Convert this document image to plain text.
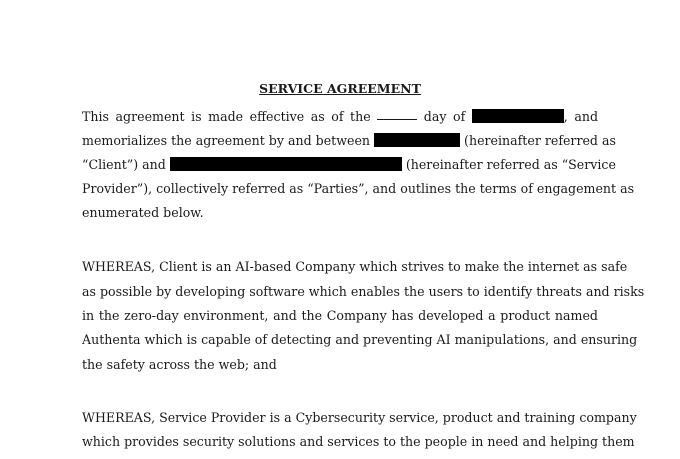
SERVICE AGREEMENT
This agreement is made effective as of the	day of	, and
memorializes the agreement by and between	(hereinafter referred as
“Client”) and	(hereinafter referred as “Service
Provider”), collectively referred as “Parties”, and outlines the terms of engagement as
enumerated below.
WHEREAS, Client is an AI-based Company which strives to make the internet as safe
as possible by developing software which enables the users to identify threats and risks
in the zero-day environment, and the Company has developed a product named
Authenta which is capable of detecting and preventing AI manipulations, and ensuring
the safety across the web; and
WHEREAS, Service Provider is a Cybersecurity service, product and training company
which provides security solutions and services to the people in need and helping them
